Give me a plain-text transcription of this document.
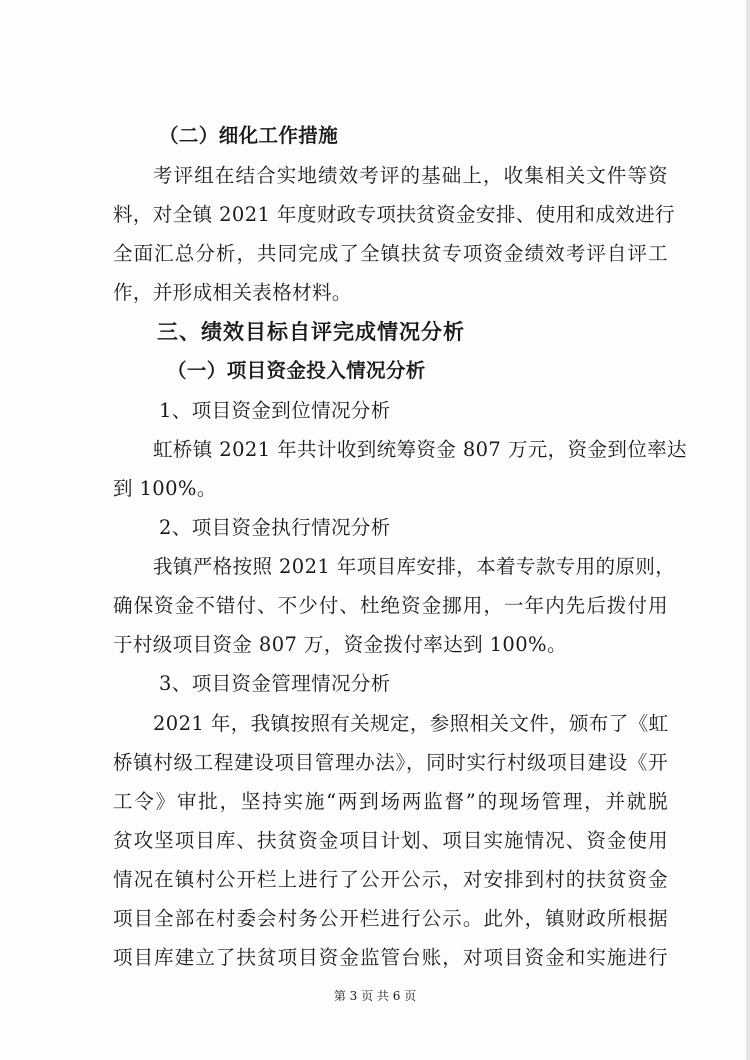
（二）细化工作措施
考评组在结合实地绩效考评的基础上，收集相关文件等资
料，对全镇 2021 年度财政专项扶贫资金安排、使用和成效进行
全面汇总分析，共同完成了全镇扶贫专项资金绩效考评自评工
作，并形成相关表格材料。
三、绩效目标自评完成情况分析
（一）项目资金投入情况分析
1、项目资金到位情况分析
虹桥镇 2021 年共计收到统筹资金 807 万元，资金到位率达
到 100%。
2、项目资金执行情况分析
我镇严格按照 2021 年项目库安排，本着专款专用的原则，
确保资金不错付、不少付、杜绝资金挪用，一年内先后拨付用
于村级项目资金 807 万，资金拨付率达到 100%。
3、项目资金管理情况分析
2021 年，我镇按照有关规定，参照相关文件，颁布了《虹
桥镇村级工程建设项目管理办法》，同时实行村级项目建设《开
工令》审批，坚持实施“两到场两监督”的现场管理，并就脱
贫攻坚项目库、扶贫资金项目计划、项目实施情况、资金使用
情况在镇村公开栏上进行了公开公示，对安排到村的扶贫资金
项目全部在村委会村务公开栏进行公示。此外，镇财政所根据
项目库建立了扶贫项目资金监管台账，对项目资金和实施进行
第 3 页 共 6 页
